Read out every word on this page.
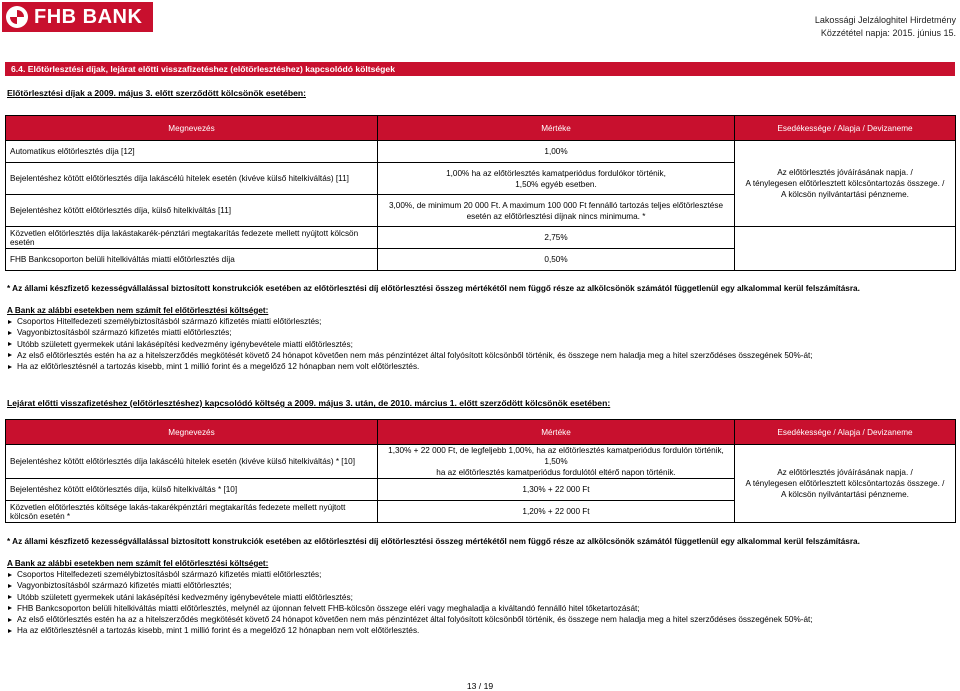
FHB BANK	Lakossági Jelzáloghitel Hirdetmény
Közzététel napja: 2015. június 15.
6.4. Előtörlesztési díjak, lejárat előtti visszafizetéshez (előtörlesztéshez) kapcsolódó költségek
Előtörlesztési díjak a 2009. május 3. előtt szerződött kölcsönök esetében:
Megnevezés	Mértéke	Esedékessége / Alapja / Devizaneme
Automatikus előtörlesztés díja [12]	1,00%	Az előtörlesztés jóváírásának napja. /
A ténylegesen előtörlesztett kölcsöntartozás összege. /
A kölcsön nyilvántartási pénzneme.
Bejelentéshez kötött előtörlesztés díja lakáscélú hitelek esetén (kivéve külső hitelkiváltás) [11]	1,00% ha az előtörlesztés kamatperiódus fordulókor történik,
1,50% egyéb esetben.	
Bejelentéshez kötött előtörlesztés díja, külső hitelkiváltás [11]	3,00%, de minimum 20 000 Ft. A maximum 100 000 Ft fennálló tartozás teljes előtörlesztése esetén az előtörlesztési díjnak nincs minimuma. *	
Közvetlen előtörlesztés díja lakástakarék-pénztári megtakarítás fedezete mellett nyújtott kölcsön esetén	2,75%	
FHB Bankcsoporton belüli hitelkiváltás miatti előtörlesztés díja	0,50%	
* Az állami készfizető kezességvállalással biztosított konstrukciók esetében az előtörlesztési díj előtörlesztési összeg mértékétől nem függő része az alkölcsönök számától függetlenül egy alkalommal kerül felszámításra.
A Bank az alábbi esetekben nem számít fel előtörlesztési költséget:
Csoportos Hitelfedezeti személybiztosításból származó kifizetés miatti előtörlesztés;
Vagyonbiztosításból származó kifizetés miatti előtörlesztés;
Utóbb született gyermekek utáni lakásépítési kedvezmény igénybevétele miatti előtörlesztés;
Az első előtörlesztés estén ha az a hitelszerződés megkötését követő 24 hónapot követően nem más pénzintézet által folyósított kölcsönből történik, és összege nem haladja meg a hitel szerződéses összegének 50%-át;
Ha az előtörlesztésnél a tartozás kisebb, mint 1 millió forint és a megelőző 12 hónapban nem volt előtörlesztés.
Lejárat előtti visszafizetéshez (előtörlesztéshez) kapcsolódó költség a 2009. május 3. után, de 2010. március 1. előtt szerződött kölcsönök esetében:
Megnevezés	Mértéke	Esedékessége / Alapja / Devizaneme
Bejelentéshez kötött előtörlesztés díja lakáscélú hitelek esetén (kivéve külső hitelkiváltás) * [10]	1,30% + 22 000 Ft, de legfeljebb 1,00%, ha az előtörlesztés kamatperiódus fordulón történik, 1,50%
ha az előtörlesztés kamatperiódus fordulótól eltérő napon történik.	Az előtörlesztés jóváírásának napja. /
A ténylegesen előtörlesztett kölcsöntartozás összege. /
A kölcsön nyilvántartási pénzneme.
Bejelentéshez kötött előtörlesztés díja, külső hitelkiváltás * [10]	1,30% + 22 000 Ft	
Közvetlen előtörlesztés költsége lakás-takarékpénztári megtakarítás fedezete mellett nyújtott kölcsön esetén *	1,20% + 22 000 Ft	
* Az állami készfizető kezességvállalással biztosított konstrukciók esetében az előtörlesztési díj előtörlesztési összeg mértékétől nem függő része az alkölcsönök számától függetlenül egy alkalommal kerül felszámításra.
A Bank az alábbi esetekben nem számít fel előtörlesztési költséget:
Csoportos Hitelfedezeti személybiztosításból származó kifizetés miatti előtörlesztés;
Vagyonbiztosításból származó kifizetés miatti előtörlesztés;
Utóbb született gyermekek utáni lakásépítési kedvezmény igénybevétele miatti előtörlesztés;
FHB Bankcsoporton belüli hitelkiváltás miatti előtörlesztés, melynél az újonnan felvett FHB-kölcsön összege eléri vagy meghaladja a kiváltandó fennálló hitel tőketartozását;
Az első előtörlesztés estén ha az a hitelszerződés megkötését követő 24 hónapot követően nem más pénzintézet által folyósított kölcsönből történik, és összege nem haladja meg a hitel szerződéses összegének 50%-át;
Ha az előtörlesztésnél a tartozás kisebb, mint 1 millió forint és a megelőző 12 hónapban nem volt előtörlesztés.
13 / 19
